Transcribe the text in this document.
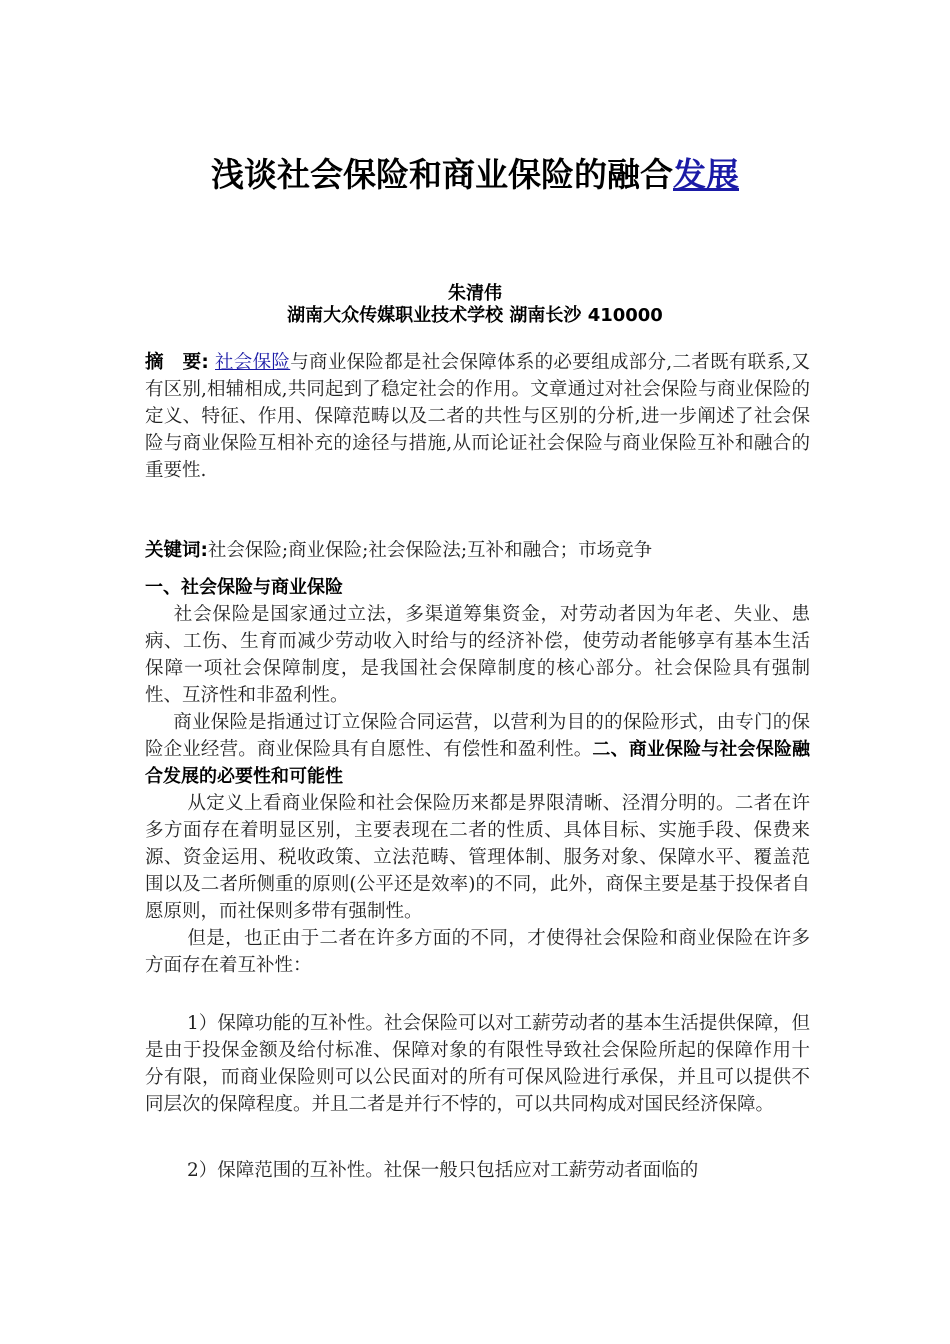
浅谈社会保险和商业保险的融合发展

朱清伟

湖南大众传媒职业技术学校 湖南长沙 410000

摘　要: 社会保险与商业保险都是社会保障体系的必要组成部分,二者既有联系,又有区别,相辅相成,共同起到了稳定社会的作用。文章通过对社会保险与商业保险的定义、特征、作用、保障范畴以及二者的共性与区别的分析,进一步阐述了社会保险与商业保险互相补充的途径与措施,从而论证社会保险与商业保险互补和融合的重要性.

关键词:社会保险;商业保险;社会保险法;互补和融合；市场竞争

一、社会保险与商业保险
社会保险是国家通过立法，多渠道筹集资金，对劳动者因为年老、失业、患病、工伤、生育而减少劳动收入时给与的经济补偿，使劳动者能够享有基本生活保障一项社会保障制度，是我国社会保障制度的核心部分。社会保险具有强制性、互济性和非盈利性。
商业保险是指通过订立保险合同运营，以营利为目的的保险形式，由专门的保险企业经营。商业保险具有自愿性、有偿性和盈利性。二、商业保险与社会保险融合发展的必要性和可能性
从定义上看商业保险和社会保险历来都是界限清晰、泾渭分明的。二者在许多方面存在着明显区别，主要表现在二者的性质、具体目标、实施手段、保费来源、资金运用、税收政策、立法范畴、管理体制、服务对象、保障水平、覆盖范围以及二者所侧重的原则(公平还是效率)的不同，此外，商保主要是基于投保者自愿原则，而社保则多带有强制性。
但是，也正由于二者在许多方面的不同，才使得社会保险和商业保险在许多方面存在着互补性：

1）保障功能的互补性。社会保险可以对工薪劳动者的基本生活提供保障，但是由于投保金额及给付标准、保障对象的有限性导致社会保险所起的保障作用十分有限，而商业保险则可以公民面对的所有可保风险进行承保，并且可以提供不同层次的保障程度。并且二者是并行不悖的，可以共同构成对国民经济保障。

2）保障范围的互补性。社保一般只包括应对工薪劳动者面临的
